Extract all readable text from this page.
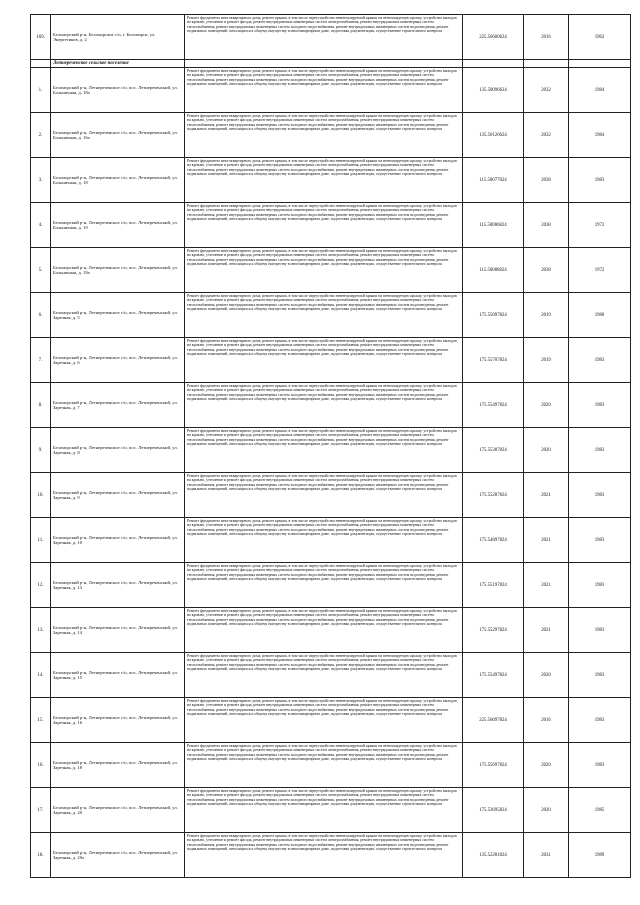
169.	Беломорский р-н, Беломорское с/п, г. Беломорск, ул. Энергетиков, д. 2	Ремонт фундамента многоквартирного дома, ремонт крыши, в том числе переустройство невентилируемой крыши на вентилируемую крышу, устройство выходов на кровлю, утепление и ремонт фасада, ремонт внутридомовых инженерных систем электроснабжения, ремонт внутридомовых инженерных систем теплоснабжения, ремонт внутридомовых инженерных систем холодного водоснабжения, ремонт внутридомовых инженерных систем водоотведения, ремонт подвальных помещений, относящихся к общему имуществу в многоквартирном доме, подготовка документации, осуществление строительного контроля	225.56600624	2016	1962
	Летнереченское сельское поселение				
1.	Беломорский р-н, Летнереченское с/п, пос. Летнереченский, ул. Больничная, д. 18а	Ремонт фундамента многоквартирного дома, ремонт крыши, в том числе переустройство невентилируемой крыши на вентилируемую крышу, устройство выходов на кровлю, утепление и ремонт фасада, ремонт внутридомовых инженерных систем электроснабжения, ремонт внутридомовых инженерных систем теплоснабжения, ремонт внутридомовых инженерных систем холодного водоснабжения, ремонт внутридомовых инженерных систем водоотведения, ремонт подвальных помещений, относящихся к общему имуществу в многоквартирном доме, подготовка документации, осуществление строительного контроля	135.50096624	2032	1984
2.	Беломорский р-н, Летнереченское с/п, пос. Летнереченский, ул. Больничная, д. 16а	Ремонт фундамента многоквартирного дома, ремонт крыши, в том числе переустройство невентилируемой крыши на вентилируемую крышу, устройство выходов на кровлю, утепление и ремонт фасада, ремонт внутридомовых инженерных систем электроснабжения, ремонт внутридомовых инженерных систем теплоснабжения, ремонт внутридомовых инженерных систем холодного водоснабжения, ремонт внутридомовых инженерных систем водоотведения, ремонт подвальных помещений, относящихся к общему имуществу в многоквартирном доме, подготовка документации, осуществление строительного контроля	135.50126624	2032	1984
3.	Беломорский р-н, Летнереченское с/п, пос. Летнереченский, ул. Больничная, д. 18	Ремонт фундамента многоквартирного дома, ремонт крыши, в том числе переустройство невентилируемой крыши на вентилируемую крышу, устройство выходов на кровлю, утепление и ремонт фасада, ремонт внутридомовых инженерных систем электроснабжения, ремонт внутридомовых инженерных систем теплоснабжения, ремонт внутридомовых инженерных систем холодного водоснабжения, ремонт внутридомовых инженерных систем водоотведения, ремонт подвальных помещений, относящихся к общему имуществу в многоквартирном доме, подготовка документации, осуществление строительного контроля	115.50077824	2038	1983
4.	Беломорский р-н, Летнереченское с/п, пос. Летнереченский, ул. Больничная, д. 19	Ремонт фундамента многоквартирного дома, ремонт крыши, в том числе переустройство невентилируемой крыши на вентилируемую крышу, устройство выходов на кровлю, утепление и ремонт фасада, ремонт внутридомовых инженерных систем электроснабжения, ремонт внутридомовых инженерных систем теплоснабжения, ремонт внутридомовых инженерных систем холодного водоснабжения, ремонт внутридомовых инженерных систем водоотведения, ремонт подвальных помещений, относящихся к общему имуществу в многоквартирном доме, подготовка документации, осуществление строительного контроля	115.50086824	2038	1972
5.	Беломорский р-н, Летнереченское с/п, пос. Летнереченский, ул. Больничная, д. 19а	Ремонт фундамента многоквартирного дома, ремонт крыши, в том числе переустройство невентилируемой крыши на вентилируемую крышу, устройство выходов на кровлю, утепление и ремонт фасада, ремонт внутридомовых инженерных систем электроснабжения, ремонт внутридомовых инженерных систем теплоснабжения, ремонт внутридомовых инженерных систем холодного водоснабжения, ремонт внутридомовых инженерных систем водоотведения, ремонт подвальных помещений, относящихся к общему имуществу в многоквартирном доме, подготовка документации, осуществление строительного контроля	115.50088824	2038	1972
6.	Беломорский р-н, Летнереченское с/п, пос. Летнереченский, ул. Заречная, д. 5	Ремонт фундамента многоквартирного дома, ремонт крыши, в том числе переустройство невентилируемой крыши на вентилируемую крышу, устройство выходов на кровлю, утепление и ремонт фасада, ремонт внутридомовых инженерных систем электроснабжения, ремонт внутридомовых инженерных систем теплоснабжения, ремонт внутридомовых инженерных систем холодного водоснабжения, ремонт внутридомовых инженерных систем водоотведения, ремонт подвальных помещений, относящихся к общему имуществу в многоквартирном доме, подготовка документации, осуществление строительного контроля	175.55097824	2019	1980
7.	Беломорский р-н, Летнереченское с/п, пос. Летнереченский, ул. Заречная, д. 6	Ремонт фундамента многоквартирного дома, ремонт крыши, в том числе переустройство невентилируемой крыши на вентилируемую крышу, устройство выходов на кровлю, утепление и ремонт фасада, ремонт внутридомовых инженерных систем электроснабжения, ремонт внутридомовых инженерных систем теплоснабжения, ремонт внутридомовых инженерных систем холодного водоснабжения, ремонт внутридомовых инженерных систем водоотведения, ремонт подвальных помещений, относящихся к общему имуществу в многоквартирном доме, подготовка документации, осуществление строительного контроля	175.55707824	2019	1983
8.	Беломорский р-н, Летнереченское с/п, пос. Летнереченский, ул. Заречная, д. 7	Ремонт фундамента многоквартирного дома, ремонт крыши, в том числе переустройство невентилируемой крыши на вентилируемую крышу, устройство выходов на кровлю, утепление и ремонт фасада, ремонт внутридомовых инженерных систем электроснабжения, ремонт внутридомовых инженерных систем теплоснабжения, ремонт внутридомовых инженерных систем холодного водоснабжения, ремонт внутридомовых инженерных систем водоотведения, ремонт подвальных помещений, относящихся к общему имуществу в многоквартирном доме, подготовка документации, осуществление строительного контроля	175.55497824	2020	1983
9.	Беломорский р-н, Летнереченское с/п, пос. Летнереченский, ул. Заречная, д. 8	Ремонт фундамента многоквартирного дома, ремонт крыши, в том числе переустройство невентилируемой крыши на вентилируемую крышу, устройство выходов на кровлю, утепление и ремонт фасада, ремонт внутридомовых инженерных систем электроснабжения, ремонт внутридомовых инженерных систем теплоснабжения, ремонт внутридомовых инженерных систем холодного водоснабжения, ремонт внутридомовых инженерных систем водоотведения, ремонт подвальных помещений, относящихся к общему имуществу в многоквартирном доме, подготовка документации, осуществление строительного контроля	175.55387824	2020	1983
10.	Беломорский р-н, Летнереченское с/п, пос. Летнереченский, ул. Заречная, д. 9	Ремонт фундамента многоквартирного дома, ремонт крыши, в том числе переустройство невентилируемой крыши на вентилируемую крышу, устройство выходов на кровлю, утепление и ремонт фасада, ремонт внутридомовых инженерных систем электроснабжения, ремонт внутридомовых инженерных систем теплоснабжения, ремонт внутридомовых инженерных систем холодного водоснабжения, ремонт внутридомовых инженерных систем водоотведения, ремонт подвальных помещений, относящихся к общему имуществу в многоквартирном доме, подготовка документации, осуществление строительного контроля	175.55287824	2021	1983
11.	Беломорский р-н, Летнереченское с/п, пос. Летнереченский, ул. Заречная, д. 10	Ремонт фундамента многоквартирного дома, ремонт крыши, в том числе переустройство невентилируемой крыши на вентилируемую крышу, устройство выходов на кровлю, утепление и ремонт фасада, ремонт внутридомовых инженерных систем электроснабжения, ремонт внутридомовых инженерных систем теплоснабжения, ремонт внутридомовых инженерных систем холодного водоснабжения, ремонт внутридомовых инженерных систем водоотведения, ремонт подвальных помещений, относящихся к общему имуществу в многоквартирном доме, подготовка документации, осуществление строительного контроля	175.54897824	2021	1983
12.	Беломорский р-н, Летнереченское с/п, пос. Летнереченский, ул. Заречная, д. 13	Ремонт фундамента многоквартирного дома, ремонт крыши, в том числе переустройство невентилируемой крыши на вентилируемую крышу, устройство выходов на кровлю, утепление и ремонт фасада, ремонт внутридомовых инженерных систем электроснабжения, ремонт внутридомовых инженерных систем теплоснабжения, ремонт внутридомовых инженерных систем холодного водоснабжения, ремонт внутридомовых инженерных систем водоотведения, ремонт подвальных помещений, относящихся к общему имуществу в многоквартирном доме, подготовка документации, осуществление строительного контроля	175.55197824	2021	1983
13.	Беломорский р-н, Летнереченское с/п, пос. Летнереченский, ул. Заречная, д. 14	Ремонт фундамента многоквартирного дома, ремонт крыши, в том числе переустройство невентилируемой крыши на вентилируемую крышу, устройство выходов на кровлю, утепление и ремонт фасада, ремонт внутридомовых инженерных систем электроснабжения, ремонт внутридомовых инженерных систем теплоснабжения, ремонт внутридомовых инженерных систем холодного водоснабжения, ремонт внутридомовых инженерных систем водоотведения, ремонт подвальных помещений, относящихся к общему имуществу в многоквартирном доме, подготовка документации, осуществление строительного контроля	175.55297824	2021	1983
14.	Беломорский р-н, Летнереченское с/п, пос. Летнереченский, ул. Заречная, д. 15	Ремонт фундамента многоквартирного дома, ремонт крыши, в том числе переустройство невентилируемой крыши на вентилируемую крышу, устройство выходов на кровлю, утепление и ремонт фасада, ремонт внутридомовых инженерных систем электроснабжения, ремонт внутридомовых инженерных систем теплоснабжения, ремонт внутридомовых инженерных систем холодного водоснабжения, ремонт внутридомовых инженерных систем водоотведения, ремонт подвальных помещений, относящихся к общему имуществу в многоквартирном доме, подготовка документации, осуществление строительного контроля	175.55497824	2020	1983
15.	Беломорский р-н, Летнереченское с/п, пос. Летнереченский, ул. Заречная, д. 16	Ремонт фундамента многоквартирного дома, ремонт крыши, в том числе переустройство невентилируемой крыши на вентилируемую крышу, устройство выходов на кровлю, утепление и ремонт фасада, ремонт внутридомовых инженерных систем электроснабжения, ремонт внутридомовых инженерных систем теплоснабжения, ремонт внутридомовых инженерных систем холодного водоснабжения, ремонт внутридомовых инженерных систем водоотведения, ремонт подвальных помещений, относящихся к общему имуществу в многоквартирном доме, подготовка документации, осуществление строительного контроля	225.56097824	2016	1983
16.	Беломорский р-н, Летнереченское с/п, пос. Летнереченский, ул. Заречная, д. 18	Ремонт фундамента многоквартирного дома, ремонт крыши, в том числе переустройство невентилируемой крыши на вентилируемую крышу, устройство выходов на кровлю, утепление и ремонт фасада, ремонт внутридомовых инженерных систем электроснабжения, ремонт внутридомовых инженерных систем теплоснабжения, ремонт внутридомовых инженерных систем холодного водоснабжения, ремонт внутридомовых инженерных систем водоотведения, ремонт подвальных помещений, относящихся к общему имуществу в многоквартирном доме, подготовка документации, осуществление строительного контроля	175.55697824	2020	1983
17.	Беломорский р-н, Летнереченское с/п, пос. Летнереченский, ул. Заречная, д. 20	Ремонт фундамента многоквартирного дома, ремонт крыши, в том числе переустройство невентилируемой крыши на вентилируемую крышу, устройство выходов на кровлю, утепление и ремонт фасада, ремонт внутридомовых инженерных систем электроснабжения, ремонт внутридомовых инженерных систем теплоснабжения, ремонт внутридомовых инженерных систем холодного водоснабжения, ремонт внутридомовых инженерных систем водоотведения, ремонт подвальных помещений, относящихся к общему имуществу в многоквартирном доме, подготовка документации, осуществление строительного контроля	175.53695824	2020	1985
18.	Беломорский р-н, Летнереченское с/п, пос. Летнереченский, ул. Заречная, д. 20а	Ремонт фундамента многоквартирного дома, ремонт крыши, в том числе переустройство невентилируемой крыши на вентилируемую крышу, устройство выходов на кровлю, утепление и ремонт фасада, ремонт внутридомовых инженерных систем электроснабжения, ремонт внутридомовых инженерных систем теплоснабжения, ремонт внутридомовых инженерных систем холодного водоснабжения, ремонт внутридомовых инженерных систем водоотведения, ремонт подвальных помещений, относящихся к общему имуществу в многоквартирном доме, подготовка документации, осуществление строительного контроля	135.52281824	2031	1989
